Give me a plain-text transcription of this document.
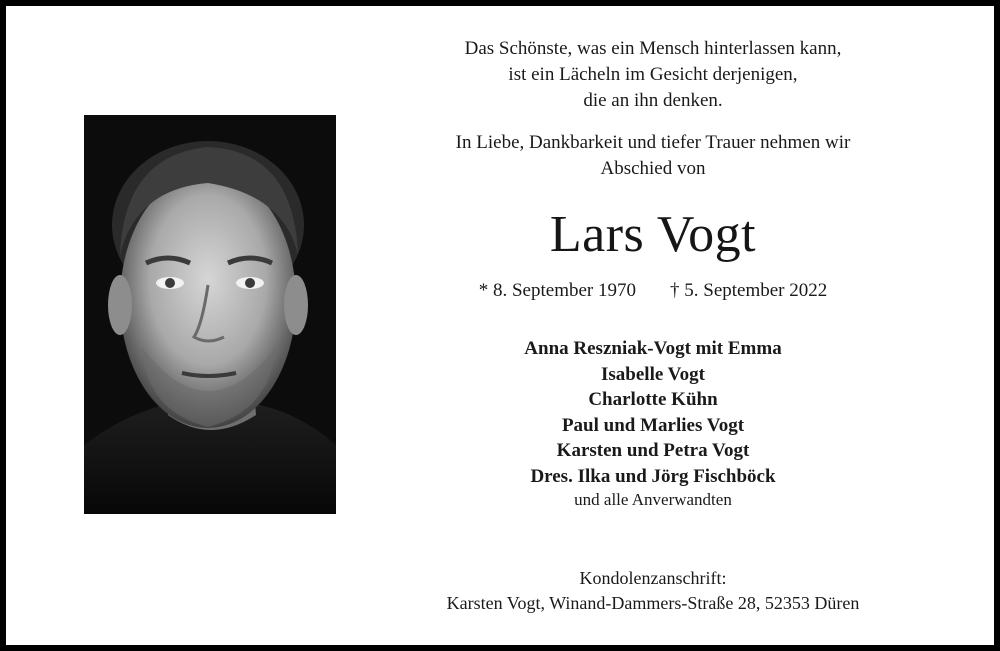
Das Schönste, was ein Mensch hinterlassen kann,
ist ein Lächeln im Gesicht derjenigen,
die an ihn denken.
In Liebe, Dankbarkeit und tiefer Trauer nehmen wir
Abschied von
Lars Vogt
* 8. September 1970 † 5. September 2022
Anna Reszniak-Vogt mit Emma
Isabelle Vogt
Charlotte Kühn
Paul und Marlies Vogt
Karsten und Petra Vogt
Dres. Ilka und Jörg Fischböck
und alle Anverwandten
Kondolenzanschrift:
Karsten Vogt, Winand-Dammers-Straße 28, 52353 Düren
